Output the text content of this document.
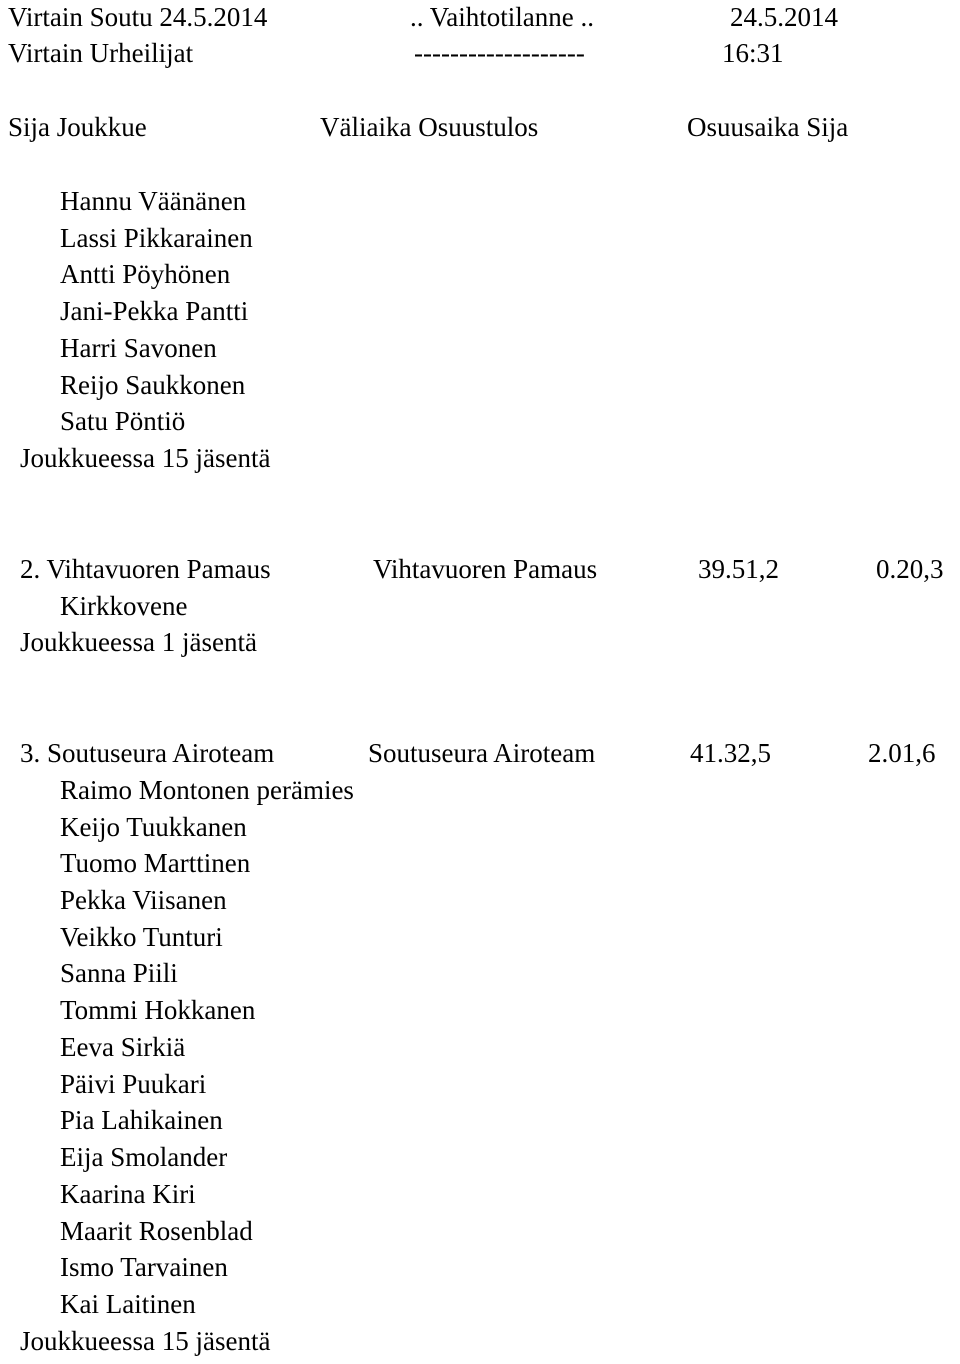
Virtain Soutu 24.5.2014	.. Vaihtotilanne ..	24.5.2014
Virtain Urheilijat	-------------------	16:31
Sija Joukkue	Väliaika Osuustulos	Osuusaika Sija
Hannu Väänänen
Lassi Pikkarainen
Antti Pöyhönen
Jani-Pekka Pantti
Harri Savonen
Reijo Saukkonen
Satu Pöntiö
Joukkueessa 15 jäsentä
2. Vihtavuoren Pamaus	Vihtavuoren Pamaus	39.51,2	0.20,3
Kirkkovene
Joukkueessa 1 jäsentä
3. Soutuseura Airoteam	Soutuseura Airoteam	41.32,5	2.01,6
Raimo Montonen perämies
Keijo Tuukkanen
Tuomo Marttinen
Pekka Viisanen
Veikko Tunturi
Sanna Piili
Tommi Hokkanen
Eeva Sirkiä
Päivi Puukari
Pia Lahikainen
Eija Smolander
Kaarina Kiri
Maarit Rosenblad
Ismo Tarvainen
Kai Laitinen
Joukkueessa 15 jäsentä
